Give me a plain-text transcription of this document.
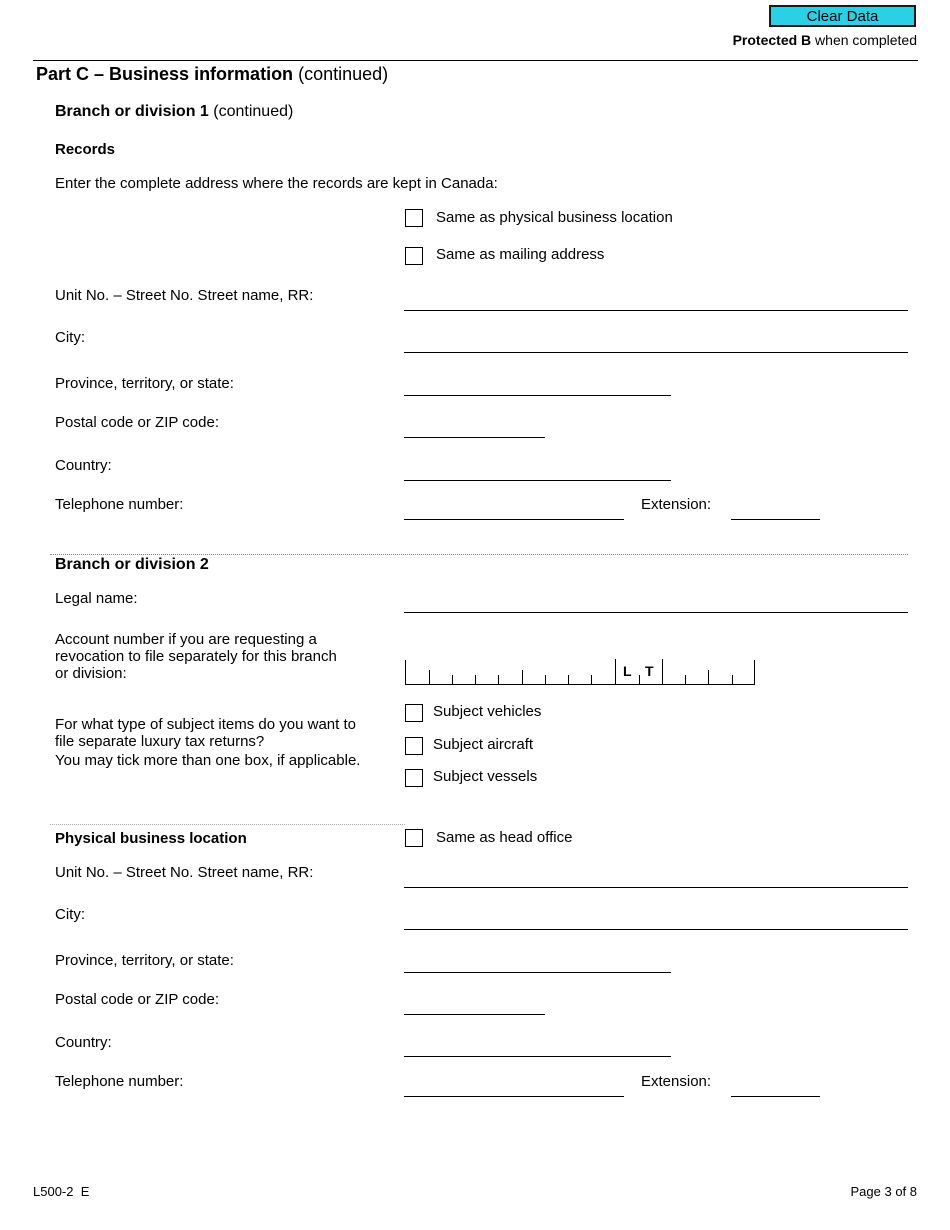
Clear Data
Protected B when completed
Part C – Business information (continued)
Branch or division 1 (continued)
Records
Enter the complete address where the records are kept in Canada:
Same as physical business location
Same as mailing address
Unit No. – Street No. Street name, RR:
City:
Province, territory, or state:
Postal code or ZIP code:
Country:
Telephone number:	Extension:
Branch or division 2
Legal name:
Account number if you are requesting a
revocation to file separately for this branch
or division:	L T
For what type of subject items do you want to
file separate luxury tax returns?
You may tick more than one box, if applicable.
Subject vehicles
Subject aircraft
Subject vessels
Physical business location	Same as head office
Unit No. – Street No. Street name, RR:
City:
Province, territory, or state:
Postal code or ZIP code:
Country:
Telephone number:	Extension:
L500-2  E	Page 3 of 8
